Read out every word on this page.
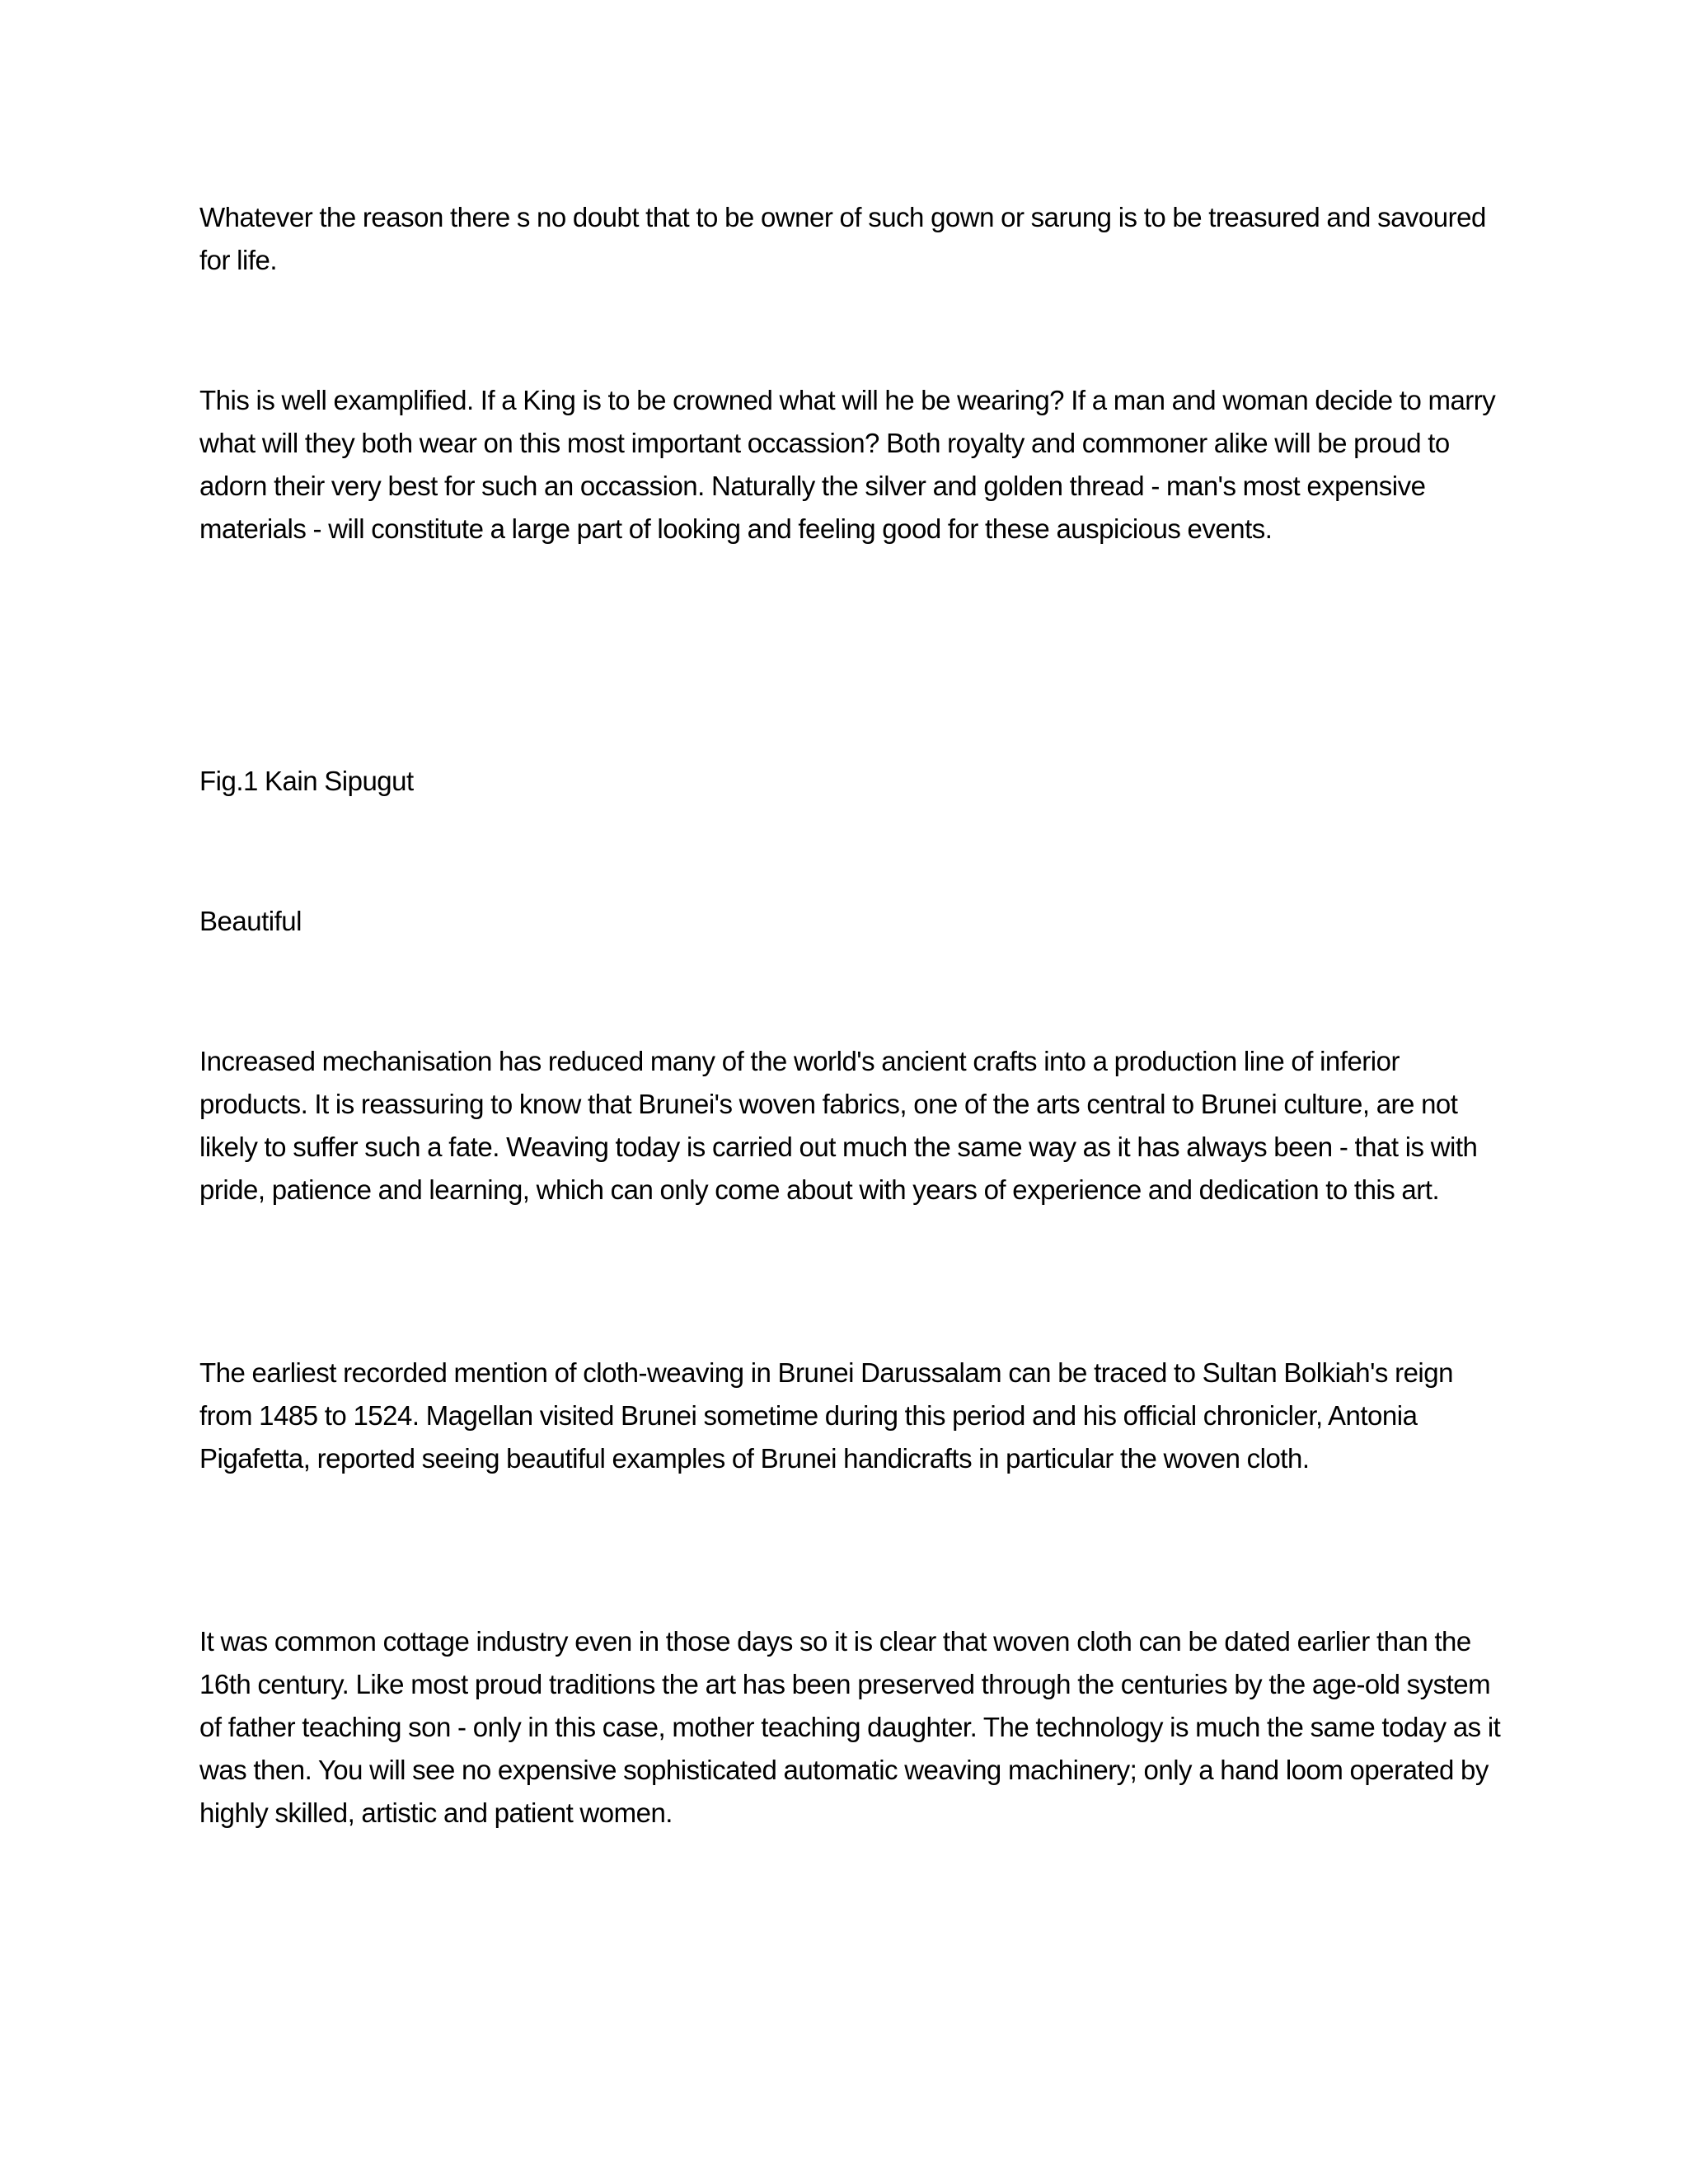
Whatever the reason there s no doubt that to be owner of such gown or sarung is to be treasured and savoured for life.

This is well examplified. If a King is to be crowned what will he be wearing? If a man and woman decide to marry what will they both wear on this most important occassion? Both royalty and commoner alike will be proud to adorn their very best for such an occassion. Naturally the silver and golden thread - man's most expensive materials - will constitute a large part of looking and feeling good for these auspicious events.

Fig.1 Kain Sipugut

Beautiful

Increased mechanisation has reduced many of the world's ancient crafts into a production line of inferior products. It is reassuring to know that Brunei's woven fabrics, one of the arts central to Brunei culture, are not likely to suffer such a fate. Weaving today is carried out much the same way as it has always been - that is with pride, patience and learning, which can only come about with years of experience and dedication to this art.

The earliest recorded mention of cloth-weaving in Brunei Darussalam can be traced to Sultan Bolkiah's reign from 1485 to 1524. Magellan visited Brunei sometime during this period and his official chronicler, Antonia Pigafetta, reported seeing beautiful examples of Brunei handicrafts in particular the woven cloth.

It was common cottage industry even in those days so it is clear that woven cloth can be dated earlier than the 16th century. Like most proud traditions the art has been preserved through the centuries by the age-old system of father teaching son - only in this case, mother teaching daughter. The technology is much the same today as it was then. You will see no expensive sophisticated automatic weaving machinery; only a hand loom operated by highly skilled, artistic and patient women.
